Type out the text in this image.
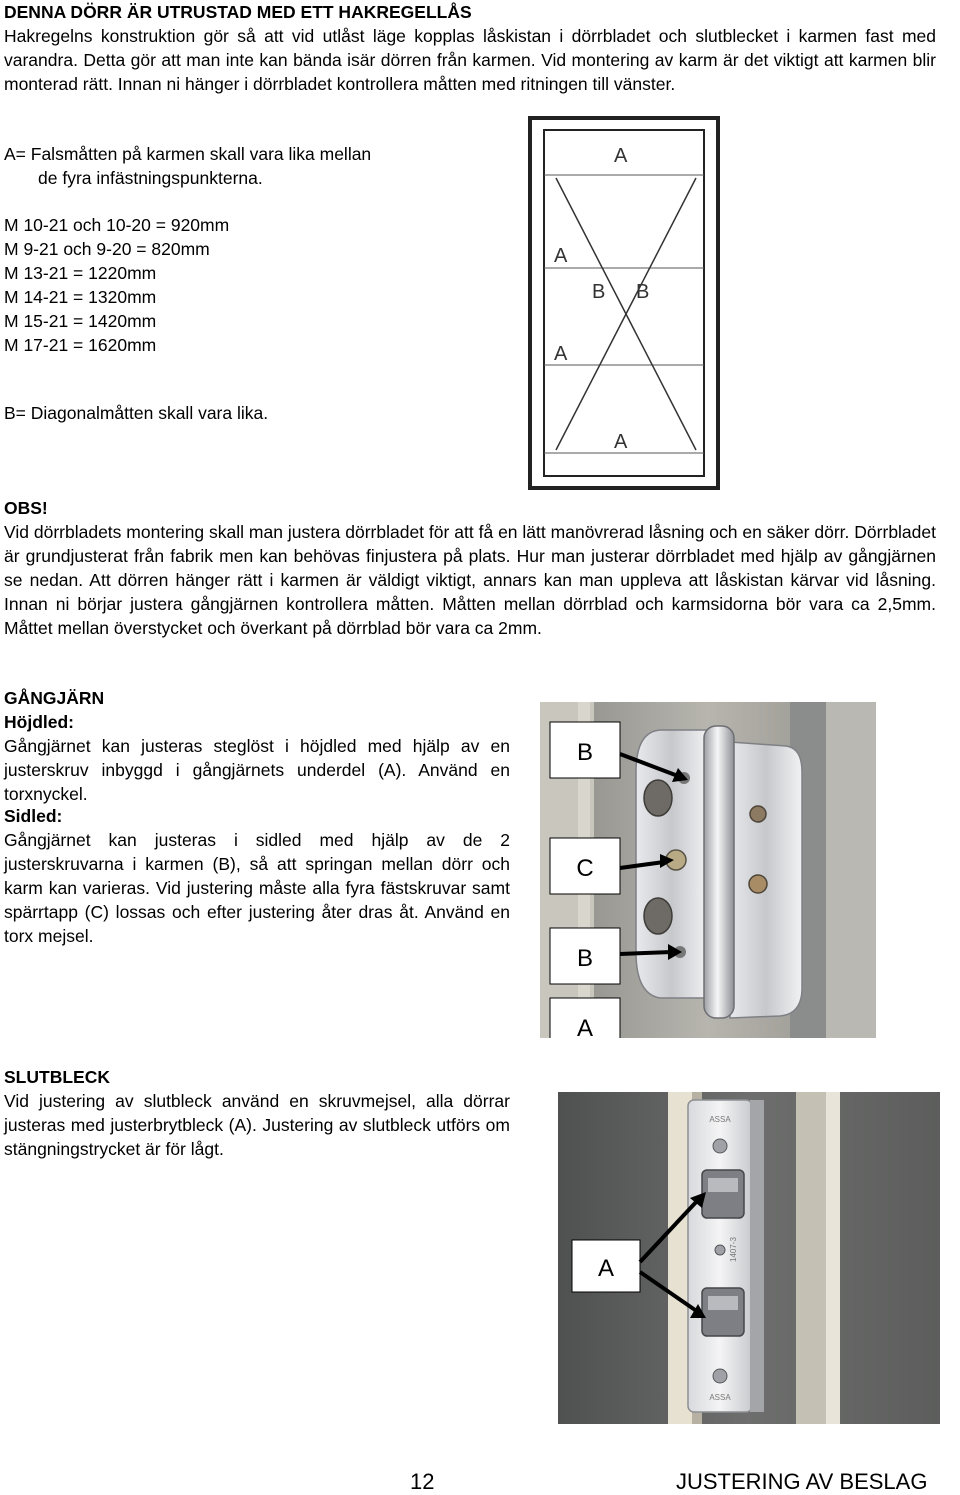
DENNA DÖRR ÄR UTRUSTAD MED ETT HAKREGELLÅS
Hakregelns konstruktion gör så att vid utlåst läge kopplas låskistan i dörrbladet och slutblecket i karmen fast med varandra. Detta gör att man inte kan bända isär dörren från karmen. Vid montering av karm är det viktigt att karmen blir monterad rätt. Innan ni hänger i dörrbladet kontrollera måtten med ritningen till vänster.

A= Falsmåtten på karmen skall vara lika mellan

de fyra infästningspunkterna.

M 10-21 och 10-20 = 920mm

M 9-21 och 9-20 = 820mm

M 13-21 = 1220mm

M 14-21 = 1320mm

M 15-21 = 1420mm

M 17-21 = 1620mm

B= Diagonalmåtten skall vara lika.
A
A
B B
A
A
OBS!
Vid dörrbladets montering skall man justera dörrbladet för att få en lätt manövrerad låsning och en säker dörr. Dörrbladet är grundjusterat från fabrik men kan behövas finjustera på plats. Hur man justerar dörrbladet med hjälp av gångjärnen se nedan. Att dörren hänger rätt i karmen är väldigt viktigt, annars kan man uppleva att låskistan kärvar vid låsning. Innan ni börjar justera gångjärnen kontrollera måtten. Måtten mellan dörrblad och karmsidorna bör vara ca 2,5mm. Måttet mellan överstycket och överkant på dörrblad bör vara ca 2mm.
GÅNGJÄRN
Höjdled:
Gångjärnet kan justeras steglöst i höjdled med hjälp av en justerskruv inbyggd i gångjärnets underdel (A). Använd en torxnyckel.
Sidled:
Gångjärnet kan justeras i sidled med hjälp av de 2 justerskruvarna i karmen (B), så att springan mellan dörr och karm kan varieras. Vid justering måste alla fyra fästskruvar samt spärrtapp (C) lossas och efter justering åter dras åt. Använd en torx mejsel.
B
C
B
A
SLUTBLECK
Vid justering av slutbleck använd en skruvmejsel, alla dörrar justeras med justerbrytbleck (A). Justering av slutbleck utförs om stängningstrycket är för lågt.
ASSA
1407-3
ASSA
A
12	JUSTERING AV BESLAG
